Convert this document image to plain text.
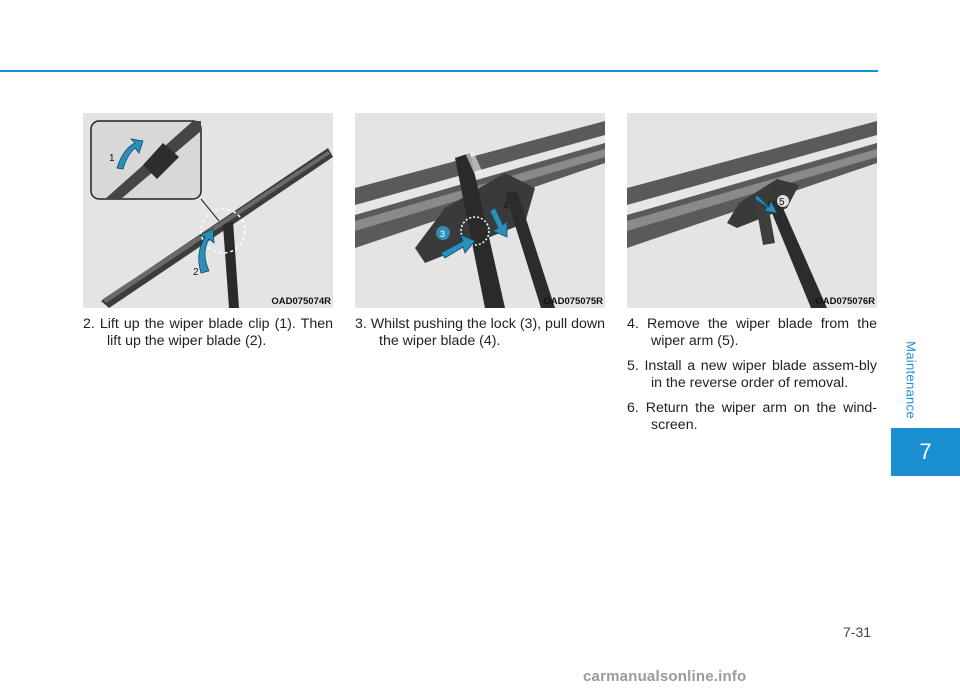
1
2
OAD075074R
3
4
OAD075075R
5
OAD075076R

2. Lift up the wiper blade clip (1). Then lift up the wiper blade (2).

3. Whilst pushing the lock (3), pull down the wiper blade (4).

4. Remove the wiper blade from the wiper arm (5).

5. Install a new wiper blade assem-bly in the reverse order of removal.

6. Return the wiper arm on the wind-screen.

Maintenance
7
7-31
carmanualsonline.info
